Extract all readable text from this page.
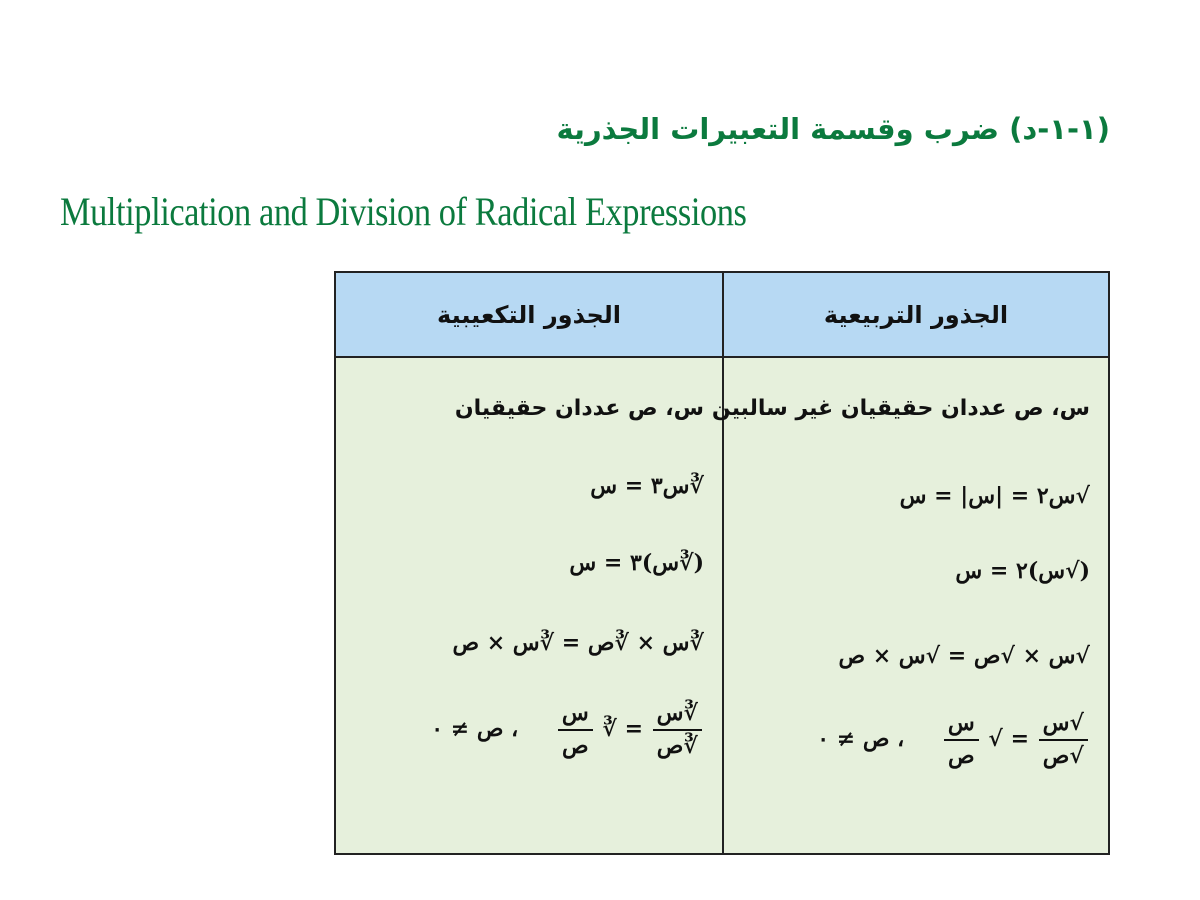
(١-١-د) ضرب وقسمة التعبيرات الجذرية
Multiplication and Division of Radical Expressions
الجذور التكعيبية	الجذور التربيعية
س، ص عددان حقيقيان
∛س٣ = س
(∛س)٣ = س
∛س × ∛ص = ∛س × ص
$\frac{\text{∛س}}{\text{∛ص}}$
= ∛
$\frac{\text{س}}{\text{ص}}$
، ص ≠ ٠
س، ص عددان حقيقيان غير سالبين
√س٢ = |س| = س
(√س)٢ = س
√س × √ص = √س × ص
$\frac{\text{√س}}{\text{√ص}}$
= √
$\frac{\text{س}}{\text{ص}}$
، ص ≠ ٠
